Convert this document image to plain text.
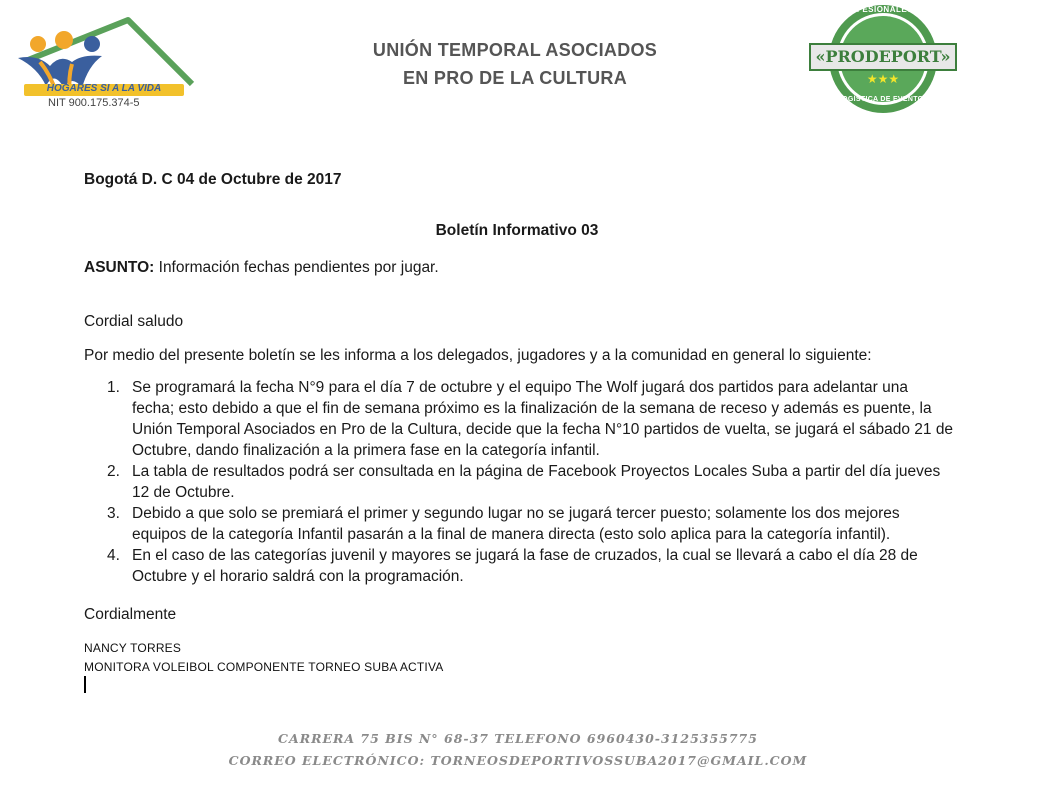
HOGARES SI A LA VIDA
NIT 900.175.374-5
UNIÓN TEMPORAL ASOCIADOS
EN PRO DE LA CULTURA
PROFESIONALES EN
«PRODEPORT»
★★★
LOGÍSTICA DE EVENTOS
Bogotá D. C 04 de Octubre de 2017
Boletín Informativo 03
ASUNTO: Información fechas pendientes por jugar.
Cordial saludo
Por medio del presente boletín se les informa a los delegados, jugadores y a la comunidad en general lo siguiente:
1. Se programará la fecha N°9 para el día 7 de octubre y el equipo The Wolf jugará dos partidos para adelantar una fecha; esto debido a que el fin de semana próximo es la finalización de la semana de receso y además es puente, la Unión Temporal Asociados en Pro de la Cultura, decide que la fecha N°10 partidos de vuelta, se jugará el sábado 21 de Octubre, dando finalización a la primera fase en la categoría infantil.
2. La tabla de resultados podrá ser consultada en la página de Facebook Proyectos Locales Suba a partir del día jueves 12 de Octubre.
3. Debido a que solo se premiará el primer y segundo lugar no se jugará tercer puesto; solamente los dos mejores equipos de la categoría Infantil pasarán a la final de manera directa (esto solo aplica para la categoría infantil).
4. En el caso de las categorías juvenil y mayores se jugará la fase de cruzados, la cual se llevará a cabo el día 28 de Octubre y el horario saldrá con la programación.
Cordialmente
NANCY TORRES
MONITORA VOLEIBOL COMPONENTE TORNEO SUBA ACTIVA
CARRERA 75 BIS N° 68-37 TELEFONO 6960430-3125355775
CORREO ELECTRÓNICO: TORNEOSDEPORTIVOSSUBA2017@GMAIL.COM
